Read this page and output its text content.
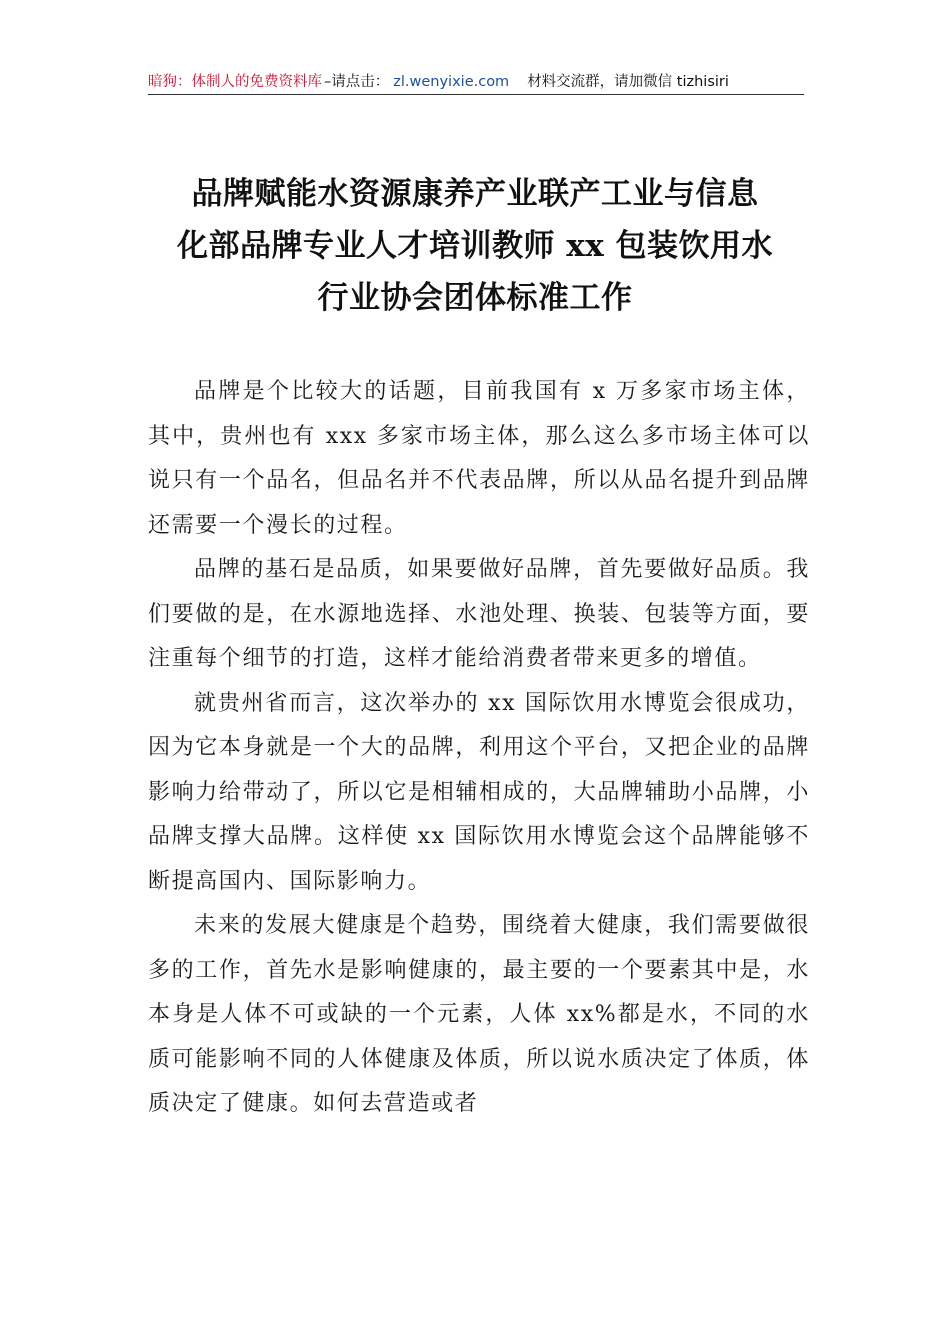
暗狗：体制人的免费资料库 –请点击： zl.wenyixie.com 材料交流群，请加微信 tizhisiri
品牌赋能水资源康养产业联产工业与信息
化部品牌专业人才培训教师 xx 包装饮用水
行业协会团体标准工作

品牌是个比较大的话题，目前我国有 x 万多家市场主体，其中，贵州也有 xxx 多家市场主体，那么这么多市场主体可以说只有一个品名，但品名并不代表品牌，所以从品名提升到品牌还需要一个漫长的过程。

品牌的基石是品质，如果要做好品牌，首先要做好品质。我们要做的是，在水源地选择、水池处理、换装、包装等方面，要注重每个细节的打造，这样才能给消费者带来更多的增值。

就贵州省而言，这次举办的 xx 国际饮用水博览会很成功，因为它本身就是一个大的品牌，利用这个平台，又把企业的品牌影响力给带动了，所以它是相辅相成的，大品牌辅助小品牌，小品牌支撑大品牌。这样使 xx 国际饮用水博览会这个品牌能够不断提高国内、国际影响力。

未来的发展大健康是个趋势，围绕着大健康，我们需要做很多的工作，首先水是影响健康的，最主要的一个要素其中是，水本身是人体不可或缺的一个元素，人体 xx%都是水，不同的水质可能影响不同的人体健康及体质，所以说水质决定了体质，体质决定了健康。如何去营造或者
